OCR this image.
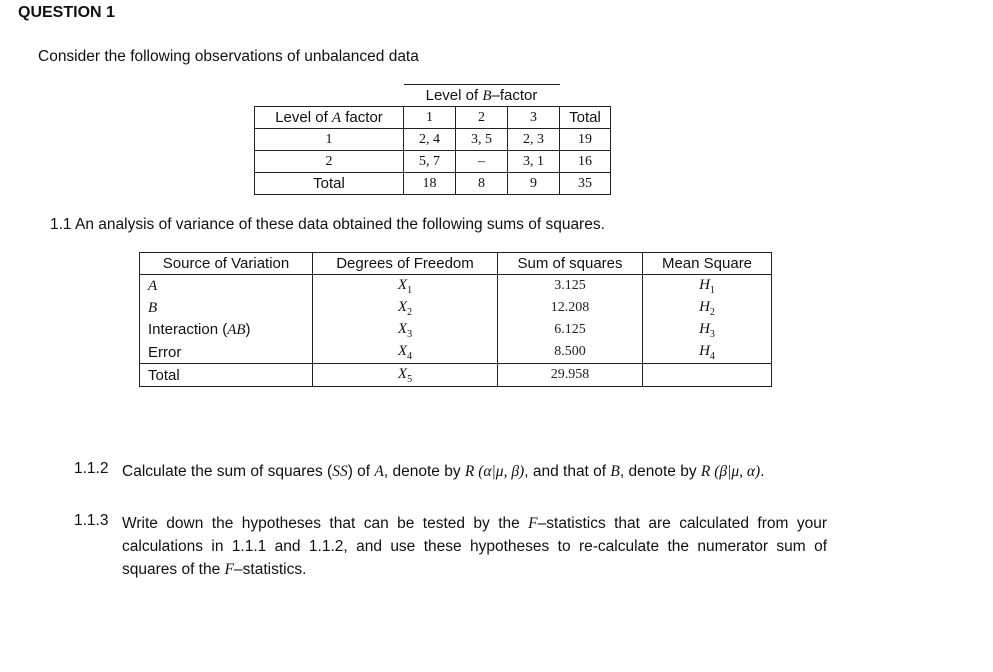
QUESTION 1
Consider the following observations of unbalanced data
	Level of B–factor			
Level of A factor	1	2	3	Total
1	2, 4	3, 5	2, 3	19
2	5, 7	–	3, 1	16
Total	18	8	9	35
1.1 An analysis of variance of these data obtained the following sums of squares.
Source of Variation	Degrees of Freedom	Sum of squares	Mean Square
A	$X_1$	3.125	$H_1$
B	$X_2$	12.208	$H_2$
Interaction (AB)	$X_3$	6.125	$H_3$
Error	$X_4$	8.500	$H_4$
Total	$X_5$	29.958	
1.1.2 Calculate the sum of squares (SS) of A, denote by R (α|μ, β), and that of B, denote by R (β|μ, α).
1.1.3 Write down the hypotheses that can be tested by the F–statistics that are calculated from your calculations in 1.1.1 and 1.1.2, and use these hypotheses to re-calculate the numerator sum of squares of the F–statistics.
